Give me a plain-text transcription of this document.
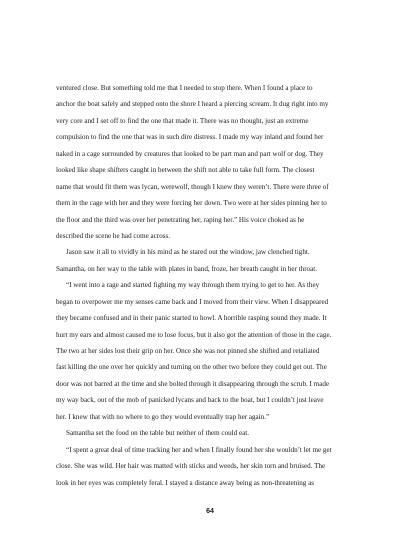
ventured close. But something told me that I needed to stop there. When I found a place to
anchor the boat safely and stepped onto the shore I heard a piercing scream. It dug right into my
very core and I set off to find the one that made it. There was no thought, just an extreme
compulsion to find the one that was in such dire distress. I made my way inland and found her
naked in a cage surrounded by creatures that looked to be part man and part wolf or dog. They
looked like shape shifters caught in between the shift not able to take full form. The closest
name that would fit them was lycan, werewolf, though I knew they weren’t. There were three of
them in the cage with her and they were forcing her down. Two were at her sides pinning her to
the floor and the third was over her penetrating her, raping her.” His voice choked as he
described the scene he had come across.
Jason saw it all to vividly in his mind as he stared out the window, jaw clenched tight.
Samantha, on her way to the table with plates in band, froze, her breath caught in her throat.
“I went into a rage and started fighting my way through them trying to get to her. As they
began to overpower me my senses came back and I moved from their view. When I disappeared
they became confused and in their panic started to howl. A horrible rasping sound they made. It
hurt my ears and almost caused me to lose focus, but it also got the attention of those in the cage.
The two at her sides lost their grip on her. Once she was not pinned she shifted and retaliated
fast killing the one over her quickly and turning on the other two before they could get out. The
door was not barred at the time and she bolted through it disappearing through the scrub. I made
my way back, out of the mob of panicked lycans and back to the boat, but I couldn’t just leave
her. I knew that with no where to go they would eventually trap her again.”
Samantha set the food on the table but neither of them could eat.
“I spent a great deal of time tracking her and when I finally found her she wouldn’t let me get
close. She was wild. Her hair was matted with sticks and weeds, her skin torn and bruised. The
look in her eyes was completely feral. I stayed a distance away being as non-threatening as
64
